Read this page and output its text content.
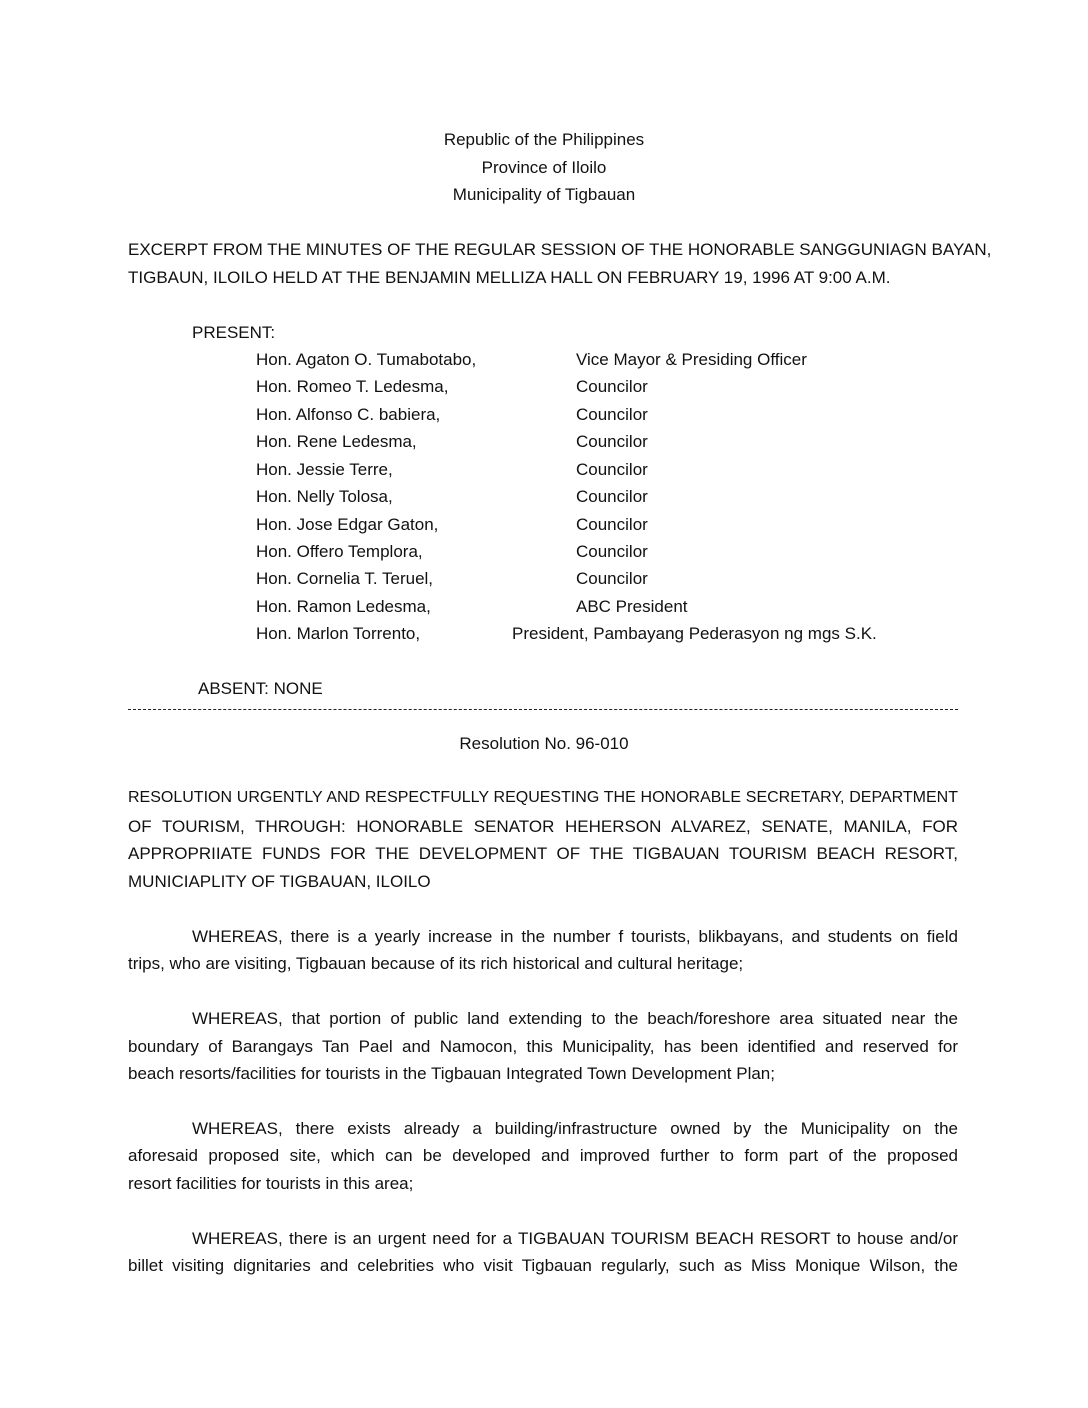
Republic of the Philippines
Province of Iloilo
Municipality of Tigbauan
EXCERPT FROM THE MINUTES OF THE REGULAR SESSION OF THE HONORABLE SANGGUNIAGN BAYAN,
TIGBAUN, ILOILO HELD AT THE BENJAMIN MELLIZA HALL ON FEBRUARY 19, 1996 AT 9:00 A.M.
PRESENT:
Hon. Agaton O. Tumabotabo,	Vice Mayor & Presiding Officer
Hon. Romeo T. Ledesma,	Councilor
Hon. Alfonso C. babiera,	Councilor
Hon. Rene Ledesma,	Councilor
Hon. Jessie Terre,	Councilor
Hon. Nelly Tolosa,	Councilor
Hon. Jose Edgar Gaton,	Councilor
Hon. Offero Templora,	Councilor
Hon. Cornelia T. Teruel,	Councilor
Hon. Ramon Ledesma,	ABC President
Hon. Marlon Torrento,	President, Pambayang Pederasyon ng mgs S.K.
ABSENT: NONE
Resolution No. 96-010
RESOLUTION URGENTLY AND RESPECTFULLY REQUESTING THE HONORABLE SECRETARY, DEPARTMENT
OF TOURISM, THROUGH: HONORABLE SENATOR HEHERSON ALVAREZ, SENATE, MANILA, FOR
APPROPRIIATE FUNDS FOR THE DEVELOPMENT OF THE TIGBAUAN TOURISM BEACH RESORT,
MUNICIAPLITY OF TIGBAUAN, ILOILO
WHEREAS, there is a yearly increase in the number f tourists, blikbayans, and students on field
trips, who are visiting, Tigbauan because of its rich historical and cultural heritage;
WHEREAS, that portion of public land extending to the beach/foreshore area situated near the
boundary of Barangays Tan Pael and Namocon, this Municipality, has been identified and reserved for
beach resorts/facilities for tourists in the Tigbauan Integrated Town Development Plan;
WHEREAS, there exists already a building/infrastructure owned by the Municipality on the
aforesaid proposed site, which can be developed and improved further to form part of the proposed
resort facilities for tourists in this area;
WHEREAS, there is an urgent need for a TIGBAUAN TOURISM BEACH RESORT to house and/or
billet visiting dignitaries and celebrities who visit Tigbauan regularly, such as Miss Monique Wilson, the
